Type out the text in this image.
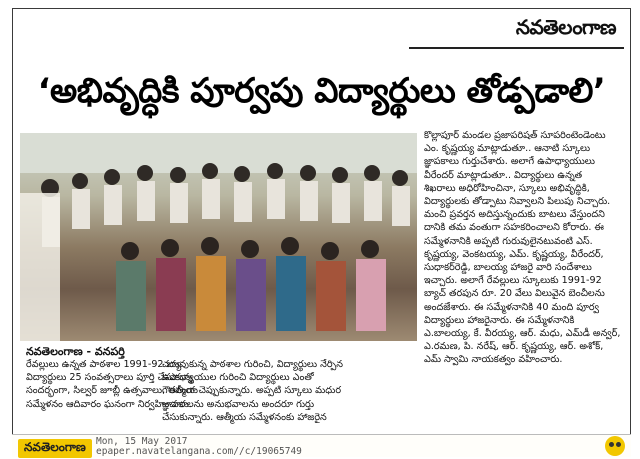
నవతెలంగాణ
‘అభివృద్ధికి పూర్వపు విద్యార్థులు తోడ్పడాలి’
నవతెలంగాణ - వనపర్తి

రేవల్లులు ఉన్నత పాఠశాల 1991-92 బ్యా

విద్యార్థులు 25 సంవత్సరాలు పూర్తి చేసుకున్న

సందర్భంగా, సిల్వర్ జూబ్లీ ఉత్సవాలు, ఆత్మీయ

సమ్మేళనం ఆదివారం ఘనంగా నిర్వహించారు.

చదువుకున్న పాఠశాల గురించి, విద్యార్థులు నేర్పిన

ఉపాధ్యాయుల గురించి విద్యార్థులు ఎంతో

గౌరవంగా చెప్పుకున్నారు. అప్పటి స్కూలు మధుర

జ్ఞాపకాలను అనుభవాలను అందరూ గుర్తు

చేసుకున్నారు. ఆత్మీయ సమ్మేళనంకు హాజరైన

కొల్లాపూర్ మండల ప్రజాపరిషత్ సూపరింటెండెంటు

ఎం. కృష్ణయ్య మాట్లాడుతూ.. ఆనాటి స్కూలు

జ్ఞాపకాలు గుర్తుచేశారు. అలాగే ఉపాధ్యాయులు

వీరేందర్ మాట్లాడుతూ.. విద్యార్థులు ఉన్నత

శిఖరాలు అధిరోహించినా, స్కూలు అభివృద్ధికి,

విద్యార్థులకు తోడ్పాటు నివ్వాలని పిలుపు నిచ్చారు.

మంచి ప్రవర్తన అదిస్తున్నందుకు బాటలు వేస్తుందని

దానికి తమ వంతుగా సహకరించాలని కోరారు. ఈ

సమ్మేళనానికి అప్పటి గురువులైనటువంటి ఎస్.

కృష్ణయ్య, వెంకటయ్య, ఎమ్. కృష్ణయ్య, వీరేందర్,

సుధాకర్‌రెడ్డి, బాలయ్య హాజరై వారి సందేశాలు

ఇచ్చారు. అలాగే రేవల్లులు స్కూలుకు 1991-92

బ్యాచ్ తరపున రూ. 20 వేలు విలువైన బెంచీలను

అందజేశారు. ఈ సమ్మేళనానికి 40 మంది పూర్వ

విద్యార్థులు హాజరైనారు. ఈ సమ్మేళనానికి

ఎ.బాలయ్య, కే. వీరయ్య, ఆర్. మధు, ఎమ్‌డీ అన్వర్,

ఎ.రమణ, పి. నరేష్, ఆర్. కృష్ణయ్య, ఆర్. అశోక్,

ఎమ్ స్వామి నాయకత్వం వహించారు.

నవతెలంగాణ	Mon, 15 May 2017
epaper.navatelangana.com//c/19065749
